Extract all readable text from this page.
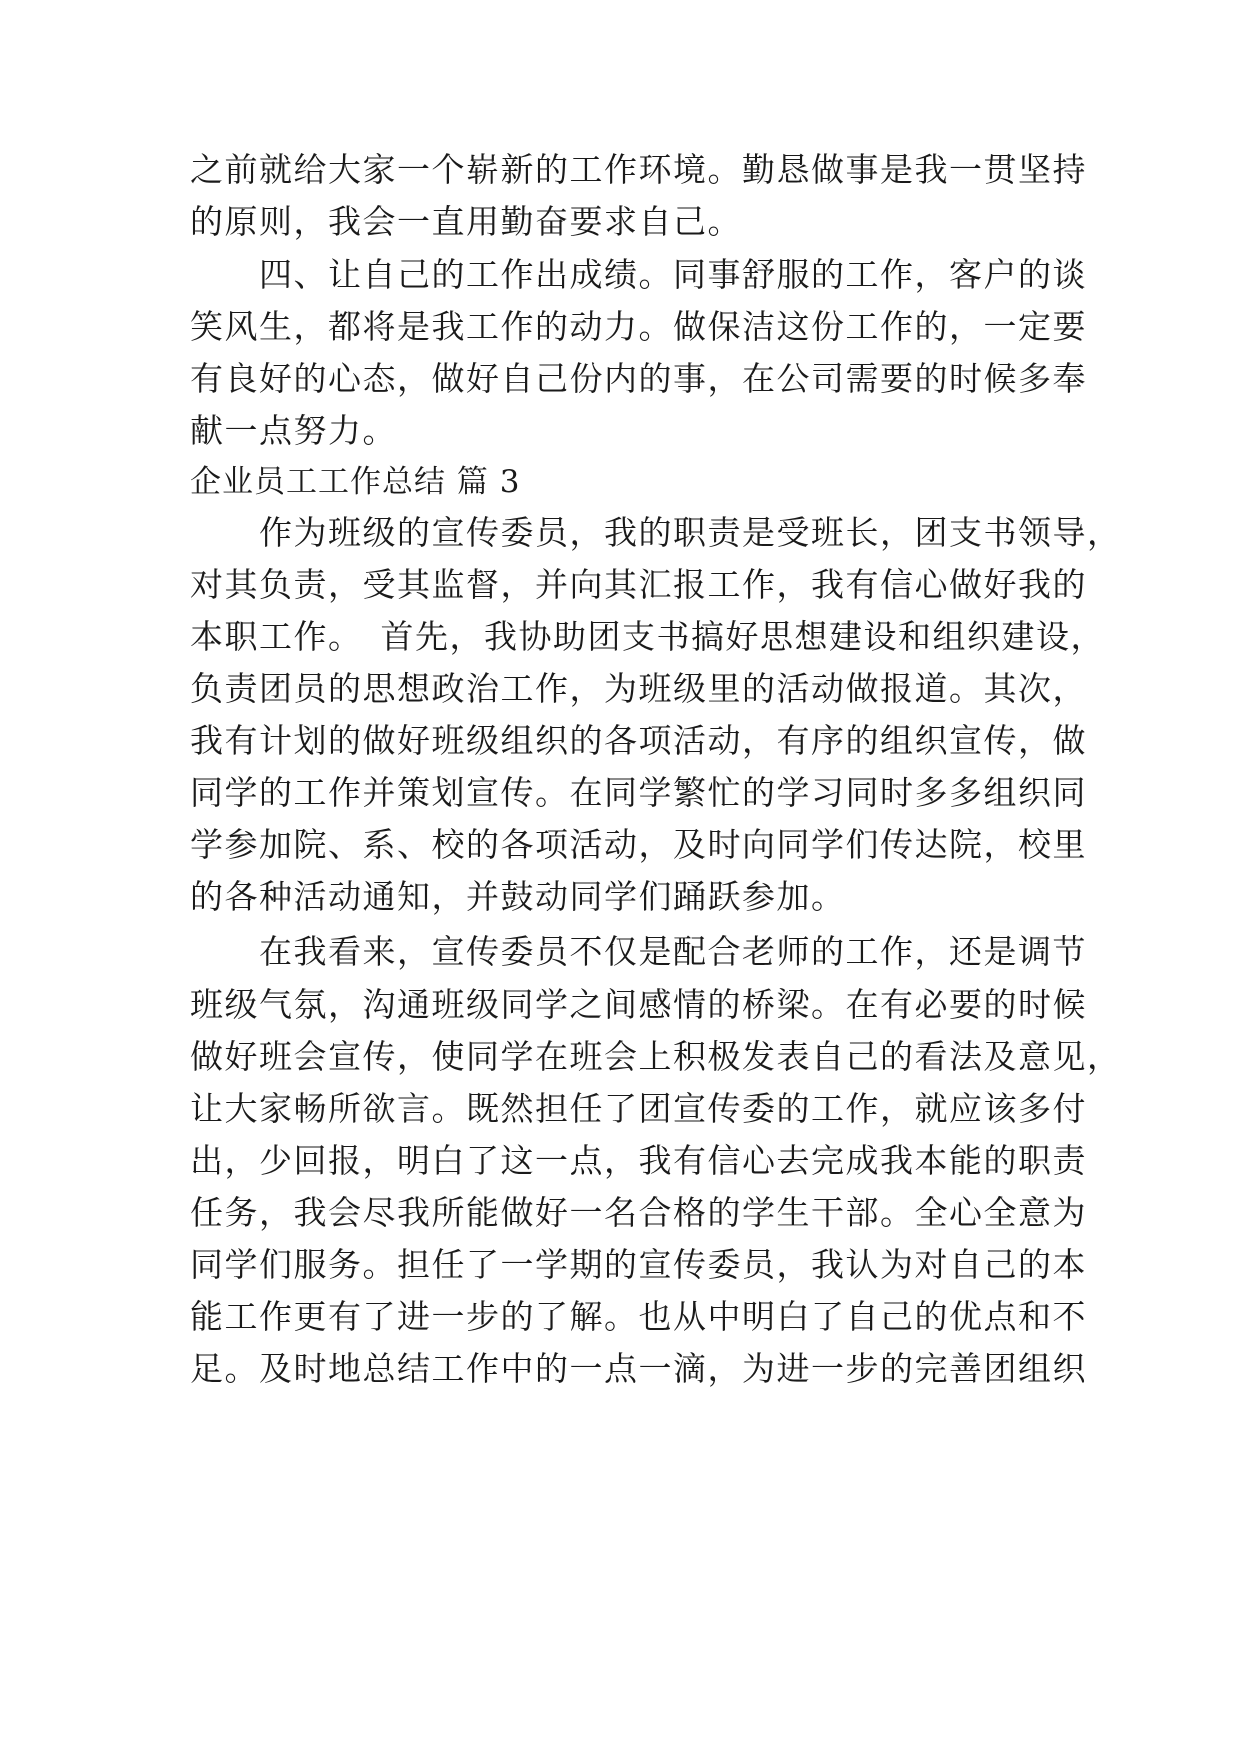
之前就给大家一个崭新的工作环境。勤恳做事是我一贯坚持

的原则，我会一直用勤奋要求自己。

　　四、让自己的工作出成绩。同事舒服的工作，客户的谈

笑风生，都将是我工作的动力。做保洁这份工作的，一定要

有良好的心态，做好自己份内的事，在公司需要的时候多奉

献一点努力。

企业员工工作总结 篇 3

　　作为班级的宣传委员，我的职责是受班长，团支书领导，

对其负责，受其监督，并向其汇报工作，我有信心做好我的

本职工作。　首先，我协助团支书搞好思想建设和组织建设，

负责团员的思想政治工作，为班级里的活动做报道。其次，

我有计划的做好班级组织的各项活动，有序的组织宣传，做

同学的工作并策划宣传。在同学繁忙的学习同时多多组织同

学参加院、系、校的各项活动，及时向同学们传达院，校里

的各种活动通知，并鼓动同学们踊跃参加。

　　在我看来，宣传委员不仅是配合老师的工作，还是调节

班级气氛，沟通班级同学之间感情的桥梁。在有必要的时候

做好班会宣传，使同学在班会上积极发表自己的看法及意见，

让大家畅所欲言。既然担任了团宣传委的工作，就应该多付

出，少回报，明白了这一点，我有信心去完成我本能的职责

任务，我会尽我所能做好一名合格的学生干部。全心全意为

同学们服务。担任了一学期的宣传委员，我认为对自己的本

能工作更有了进一步的了解。也从中明白了自己的优点和不

足。及时地总结工作中的一点一滴，为进一步的完善团组织
